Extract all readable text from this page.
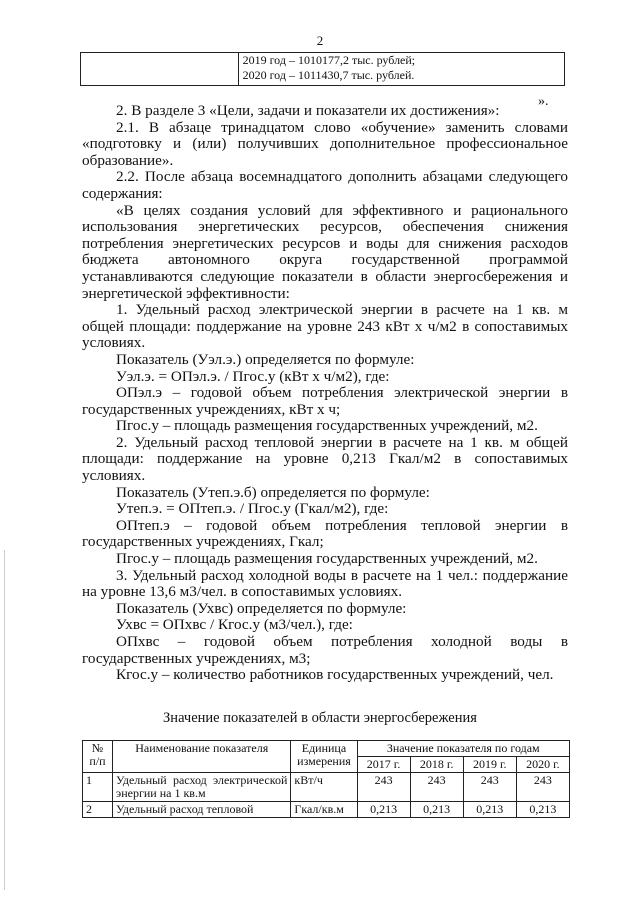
2

2019 год – 1010177,2 тыс. рублей;
2020 год – 1011430,7 тыс. рублей.
».

2. В разделе 3 «Цели, задачи и показатели их достижения»:

2.1. В абзаце тринадцатом слово «обучение» заменить словами «подготовку и (или) получивших дополнительное профессиональное образование».

2.2. После абзаца восемнадцатого дополнить абзацами следующего содержания:

«В целях создания условий для эффективного и рационального использования энергетических ресурсов, обеспечения снижения потребления энергетических ресурсов и воды для снижения расходов бюджета автономного округа государственной программой устанавливаются следующие показатели в области энергосбережения и энергетической эффективности:

1. Удельный расход электрической энергии в расчете на 1 кв. м общей площади: поддержание на уровне 243 кВт х ч/м2 в сопоставимых условиях.

Показатель (Уэл.э.) определяется по формуле:

Уэл.э. = ОПэл.э. / Пгос.у (кВт х ч/м2), где:

ОПэл.э – годовой объем потребления электрической энергии в государственных учреждениях, кВт х ч;

Пгос.у – площадь размещения государственных учреждений, м2.

2. Удельный расход тепловой энергии в расчете на 1 кв. м общей площади: поддержание на уровне 0,213 Гкал/м2 в сопоставимых условиях.

Показатель (Утеп.э.б) определяется по формуле:

Утеп.э. = ОПтеп.э. / Пгос.у (Гкал/м2), где:

ОПтеп.э – годовой объем потребления тепловой энергии в государственных учреждениях, Гкал;

Пгос.у – площадь размещения государственных учреждений, м2.

3. Удельный расход холодной воды в расчете на 1 чел.: поддержание на уровне 13,6 м3/чел. в сопоставимых условиях.

Показатель (Ухвс) определяется по формуле:

Ухвс = ОПхвс / Кгос.у (м3/чел.), где:

ОПхвс – годовой объем потребления холодной воды в государственных учреждениях, м3;

Кгос.у – количество работников государственных учреждений, чел.

Значение показателей в области энергосбережения
№ п/п	Наименование показателя	Единица измерения	Значение показателя по годам			
			2017 г.	2018 г.	2019 г.	2020 г.
1	Удельный расход электрической энергии на 1 кв.м	кВт/ч	243	243	243	243
2	Удельный расход тепловой	Гкал/кв.м	0,213	0,213	0,213	0,213
